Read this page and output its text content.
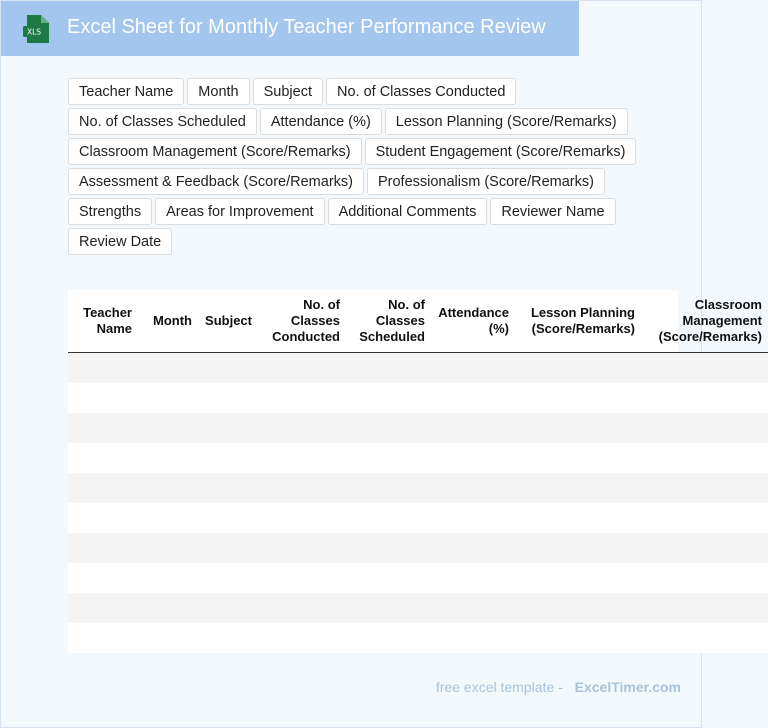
XLS Excel Sheet for Monthly Teacher Performance Review
Teacher Name	Month	Subject	No. of Classes Conducted
No. of Classes Scheduled	Attendance (%)	Lesson Planning (Score/Remarks)
Classroom Management (Score/Remarks)	Student Engagement (Score/Remarks)
Assessment & Feedback (Score/Remarks)	Professionalism (Score/Remarks)
Strengths	Areas for Improvement	Additional Comments	Reviewer Name
Review Date
Teacher Name	Month	Subject	No. of Classes Conducted	No. of Classes Scheduled	Attendance (%)	Lesson Planning (Score/Remarks)	Classroom Management (Score/Remarks)

free excel template - ExcelTimer.com
